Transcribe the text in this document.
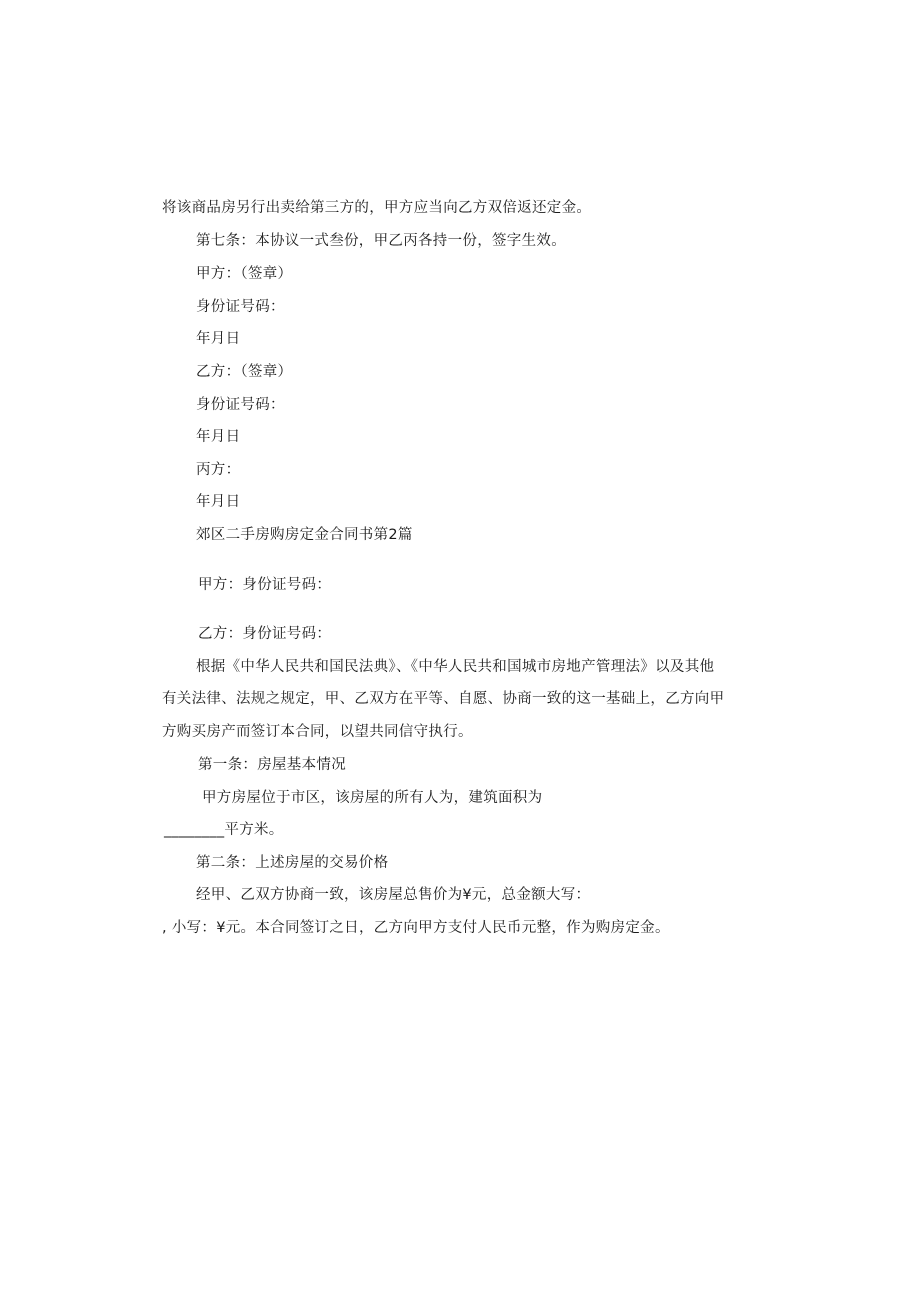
将该商品房另行出卖给第三方的，甲方应当向乙方双倍返还定金。
第七条：本协议一式叁份，甲乙丙各持一份，签字生效。
甲方：（签章）
身份证号码：
年月日
乙方：（签章）
身份证号码：
年月日
丙方：
年月日
郊区二手房购房定金合同书第2篇
甲方：身份证号码：
乙方：身份证号码：
根据《中华人民共和国民法典》、《中华人民共和国城市房地产管理法》以及其他
有关法律、法规之规定，甲、乙双方在平等、自愿、协商一致的这一基础上，乙方向甲
方购买房产而签订本合同，以望共同信守执行。
第一条：房屋基本情况
甲方房屋位于市区，该房屋的所有人为，建筑面积为
________平方米。
第二条：上述房屋的交易价格
经甲、乙双方协商一致，该房屋总售价为¥元，总金额大写：
, 小写：¥元。本合同签订之日，乙方向甲方支付人民币元整，作为购房定金。
